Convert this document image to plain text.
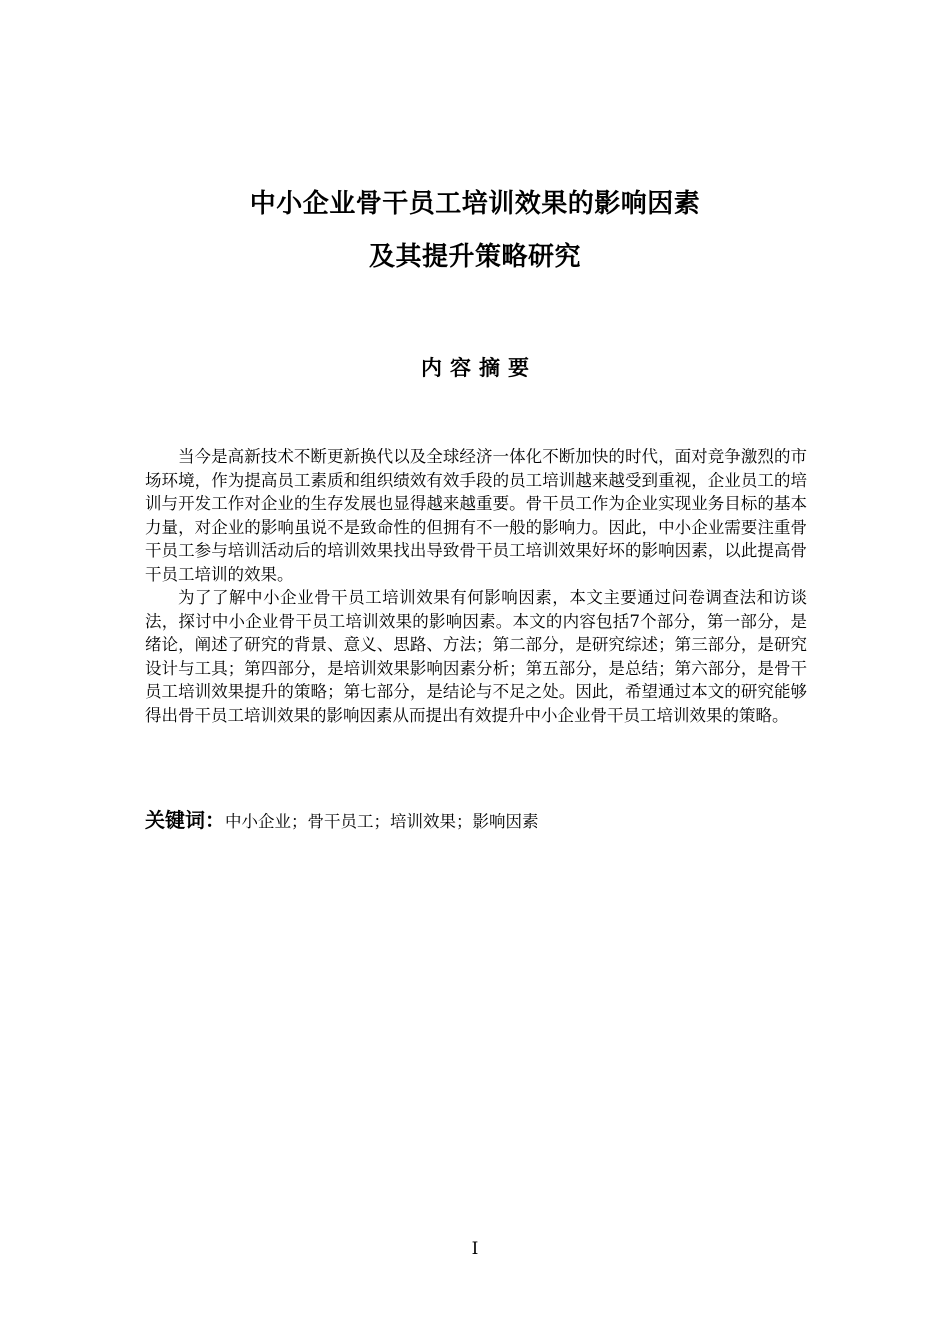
中小企业骨干员工培训效果的影响因素
及其提升策略研究
内容摘要

当今是高新技术不断更新换代以及全球经济一体化不断加快的时代，面对竞争激烈的市场环境，作为提高员工素质和组织绩效有效手段的员工培训越来越受到重视，企业员工的培训与开发工作对企业的生存发展也显得越来越重要。骨干员工作为企业实现业务目标的基本力量，对企业的影响虽说不是致命性的但拥有不一般的影响力。因此，中小企业需要注重骨干员工参与培训活动后的培训效果找出导致骨干员工培训效果好坏的影响因素，以此提高骨干员工培训的效果。

为了了解中小企业骨干员工培训效果有何影响因素，本文主要通过问卷调查法和访谈法，探讨中小企业骨干员工培训效果的影响因素。本文的内容包括7个部分，第一部分，是绪论，阐述了研究的背景、意义、思路、方法；第二部分，是研究综述；第三部分，是研究设计与工具；第四部分，是培训效果影响因素分析；第五部分，是总结；第六部分，是骨干员工培训效果提升的策略；第七部分，是结论与不足之处。因此，希望通过本文的研究能够得出骨干员工培训效果的影响因素从而提出有效提升中小企业骨干员工培训效果的策略。

关键词：中小企业；骨干员工；培训效果；影响因素
I
